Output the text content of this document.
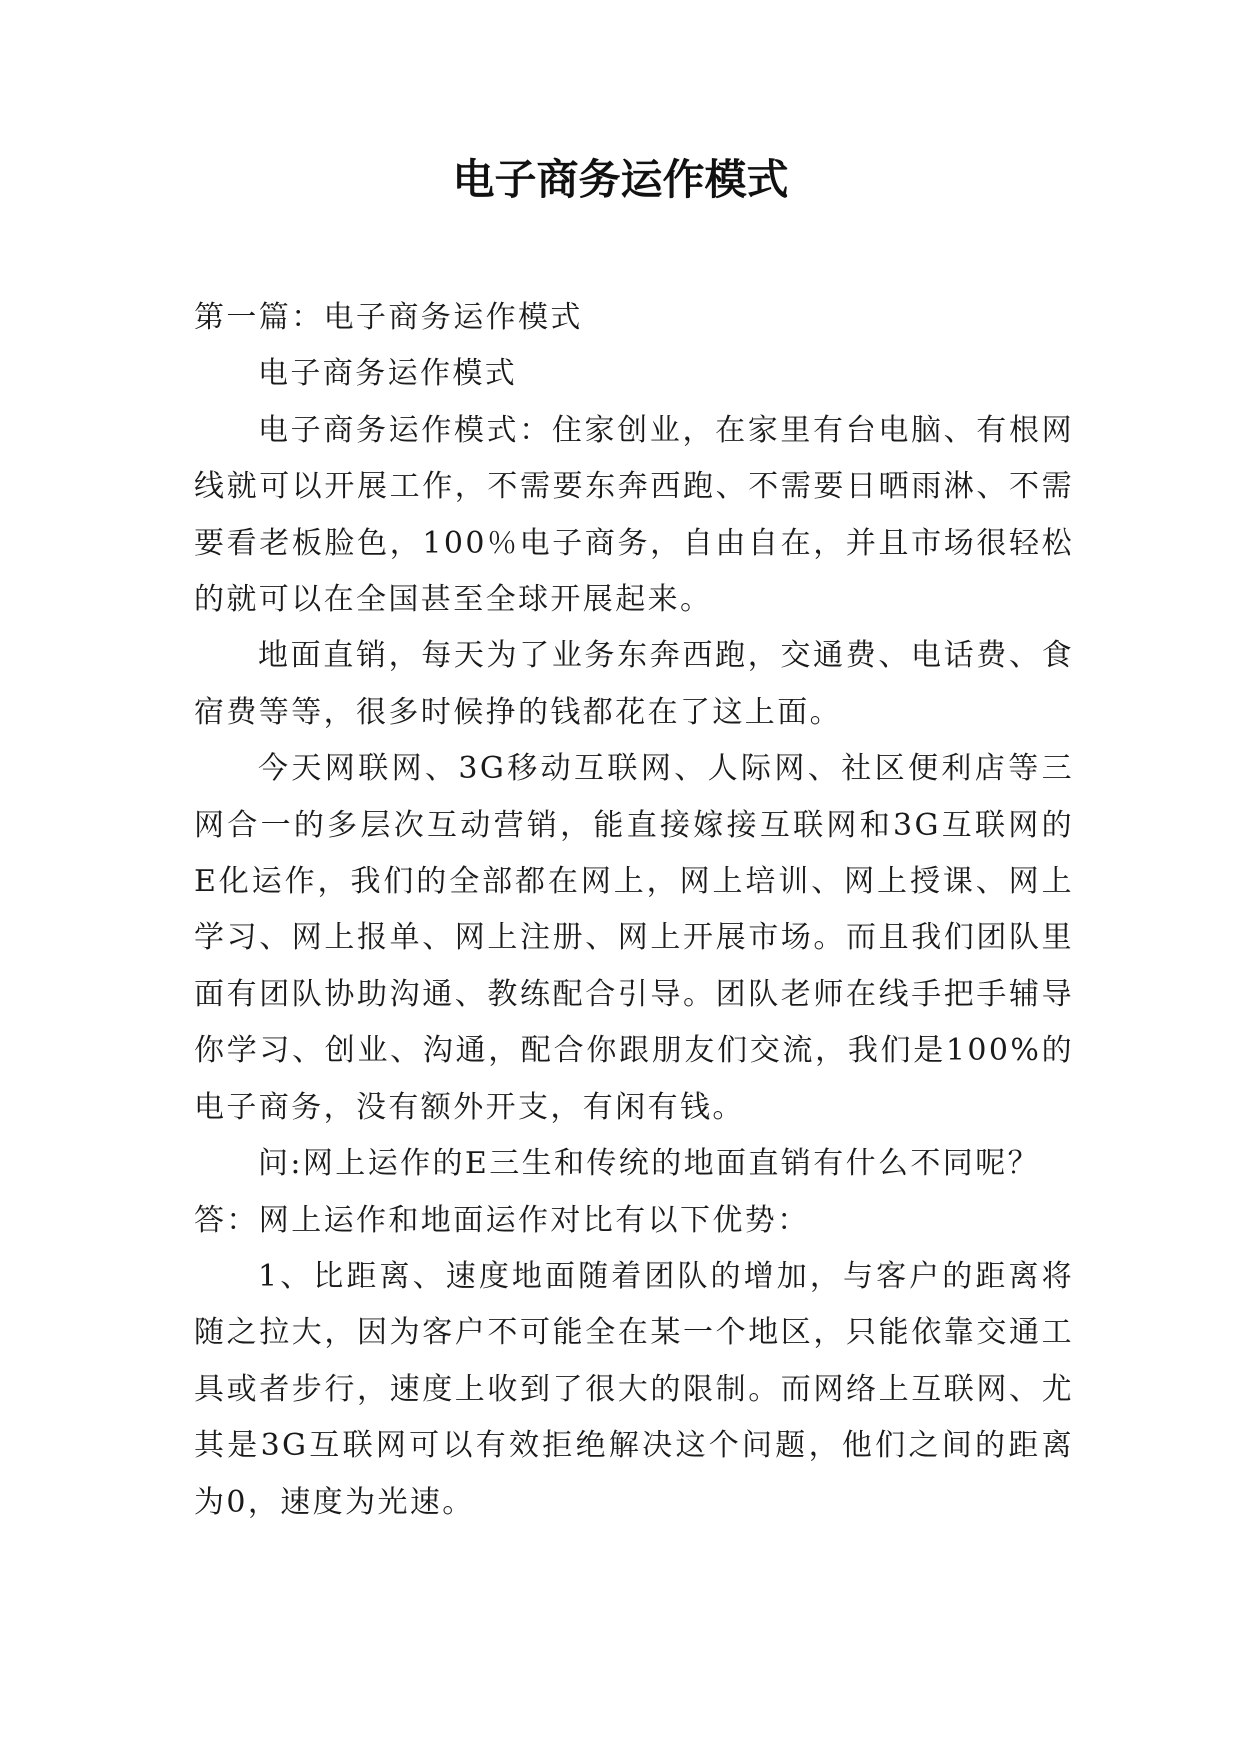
电子商务运作模式

第一篇：电子商务运作模式

电子商务运作模式

电子商务运作模式：住家创业，在家里有台电脑、有根网线就可以开展工作，不需要东奔西跑、不需要日晒雨淋、不需要看老板脸色，100％电子商务，自由自在，并且市场很轻松的就可以在全国甚至全球开展起来。

地面直销，每天为了业务东奔西跑，交通费、电话费、食宿费等等，很多时候挣的钱都花在了这上面。

今天网联网、3G移动互联网、人际网、社区便利店等三网合一的多层次互动营销，能直接嫁接互联网和3G互联网的E化运作，我们的全部都在网上，网上培训、网上授课、网上学习、网上报单、网上注册、网上开展市场。而且我们团队里面有团队协助沟通、教练配合引导。团队老师在线手把手辅导你学习、创业、沟通，配合你跟朋友们交流，我们是100%的电子商务，没有额外开支，有闲有钱。

问:网上运作的E三生和传统的地面直销有什么不同呢？

答：网上运作和地面运作对比有以下优势：

1、比距离、速度地面随着团队的增加，与客户的距离将随之拉大，因为客户不可能全在某一个地区，只能依靠交通工具或者步行，速度上收到了很大的限制。而网络上互联网、尤其是3G互联网可以有效拒绝解决这个问题，他们之间的距离为0，速度为光速。
